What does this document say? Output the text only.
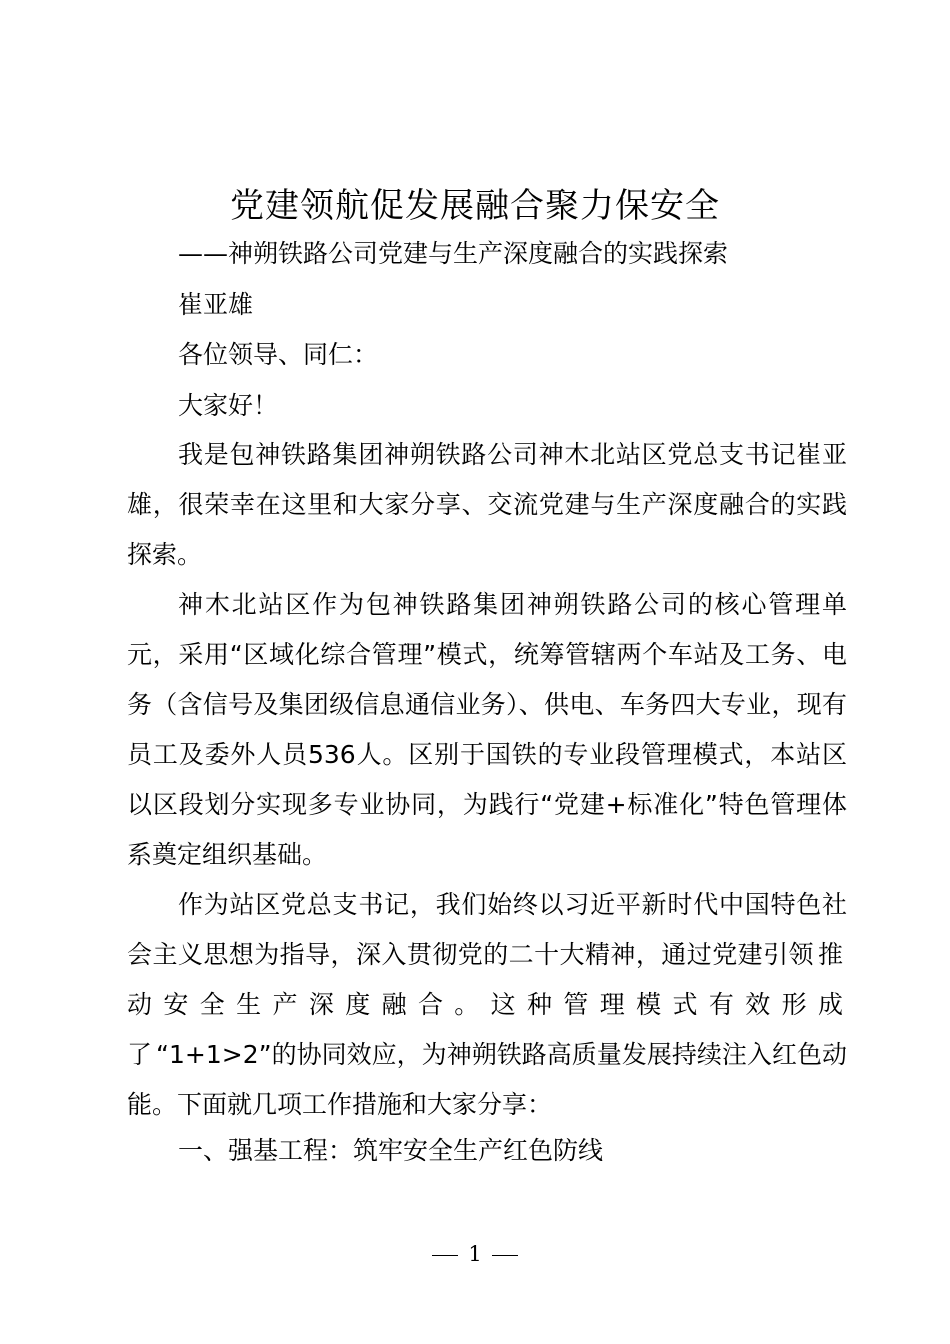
党建领航促发展融合聚力保安全

——神朔铁路公司党建与生产深度融合的实践探索

崔亚雄

各位领导、同仁：

大家好！

我是包神铁路集团神朔铁路公司神木北站区党总支书记崔亚雄，很荣幸在这里和大家分享、交流党建与生产深度融合的实践探索。

神木北站区作为包神铁路集团神朔铁路公司的核心管理单元，采用“区域化综合管理”模式，统筹管辖两个车站及工务、电务（含信号及集团级信息通信业务）、供电、车务四大专业，现有员工及委外人员536人。区别于国铁的专业段管理模式，本站区以区段划分实现多专业协同，为践行“党建+标准化”特色管理体系奠定组织基础。

作为站区党总支书记，我们始终以习近平新时代中国特色社会主义思想为指导，深入贯彻党的二十大精神，通过党建引领推动安全生产深度融合。这种管理模式有效形成了“1+1>2”的协同效应，为神朔铁路高质量发展持续注入红色动能。下面就几项工作措施和大家分享：

一、强基工程：筑牢安全生产红色防线

1
